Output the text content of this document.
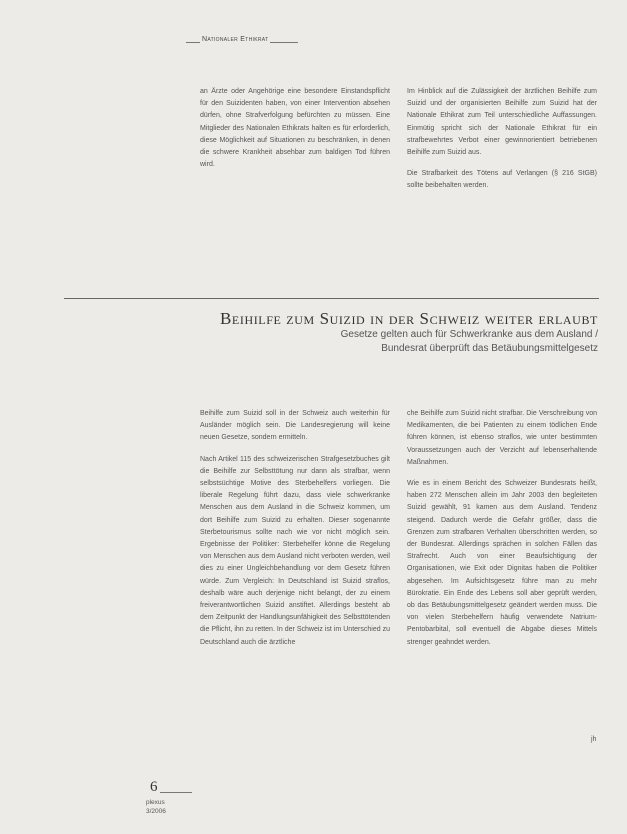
Nationaler Ethikrat

an Ärzte oder Angehörige eine besondere Einstandspflicht für den Suizidenten haben, von einer Intervention absehen dürfen, ohne Strafverfolgung befürchten zu müssen. Eine Mitglieder des Nationalen Ethikrats halten es für erforderlich, diese Möglichkeit auf Situationen zu beschränken, in denen die schwere Krankheit absehbar zum baldigen Tod führen wird.

Im Hinblick auf die Zulässigkeit der ärztlichen Beihilfe zum Suizid und der organisierten Beihilfe zum Suizid hat der Nationale Ethikrat zum Teil unterschiedliche Auffassungen. Einmütig spricht sich der Nationale Ethikrat für ein strafbewehrtes Verbot einer gewinnorientiert betriebenen Beihilfe zum Suizid aus.

Die Strafbarkeit des Tötens auf Verlangen (§ 216 StGB) sollte beibehalten werden.

Beihilfe zum Suizid in der Schweiz weiter erlaubt
Gesetze gelten auch für Schwerkranke aus dem Ausland /
Bundesrat überprüft das Betäubungsmittelgesetz

Beihilfe zum Suizid soll in der Schweiz auch weiterhin für Ausländer möglich sein. Die Landesregierung will keine neuen Gesetze, sondern ermitteln.

Nach Artikel 115 des schweizerischen Strafgesetzbuches gilt die Beihilfe zur Selbsttötung nur dann als strafbar, wenn selbstsüchtige Motive des Sterbehelfers vorliegen. Die liberale Regelung führt dazu, dass viele schwerkranke Menschen aus dem Ausland in die Schweiz kommen, um dort Beihilfe zum Suizid zu erhalten. Dieser sogenannte Sterbetourismus sollte nach wie vor nicht möglich sein. Ergebnisse der Politiker: Sterbehelfer könne die Regelung von Menschen aus dem Ausland nicht verboten werden, weil dies zu einer Ungleichbehandlung vor dem Gesetz führen würde. Zum Vergleich: In Deutschland ist Suizid straflos, deshalb wäre auch derjenige nicht belangt, der zu einem freiverantwortlichen Suizid anstiftet. Allerdings besteht ab dem Zeitpunkt der Handlungsunfähigkeit des Selbsttötenden die Pflicht, ihn zu retten. In der Schweiz ist im Unterschied zu Deutschland auch die ärztliche

che Beihilfe zum Suizid nicht strafbar. Die Verschreibung von Medikamenten, die bei Patienten zu einem tödlichen Ende führen können, ist ebenso straflos, wie unter bestimmten Voraussetzungen auch der Verzicht auf lebenserhaltende Maßnahmen.

Wie es in einem Bericht des Schweizer Bundesrats heißt, haben 272 Menschen allein im Jahr 2003 den begleiteten Suizid gewählt, 91 kamen aus dem Ausland. Tendenz steigend. Dadurch werde die Gefahr größer, dass die Grenzen zum strafbaren Verhalten überschritten werden, so der Bundesrat. Allerdings sprächen in solchen Fällen das Strafrecht. Auch von einer Beaufsichtigung der Organisationen, wie Exit oder Dignitas haben die Politiker abgesehen. Im Aufsichtsgesetz führe man zu mehr Bürokratie. Ein Ende des Lebens soll aber geprüft werden, ob das Betäubungsmittelgesetz geändert werden muss. Die von vielen Sterbehelfern häufig verwendete Natrium-Pentobarbital, soll eventuell die Abgabe dieses Mittels strenger geahndet werden.

jh
6
plexus
3/2006
